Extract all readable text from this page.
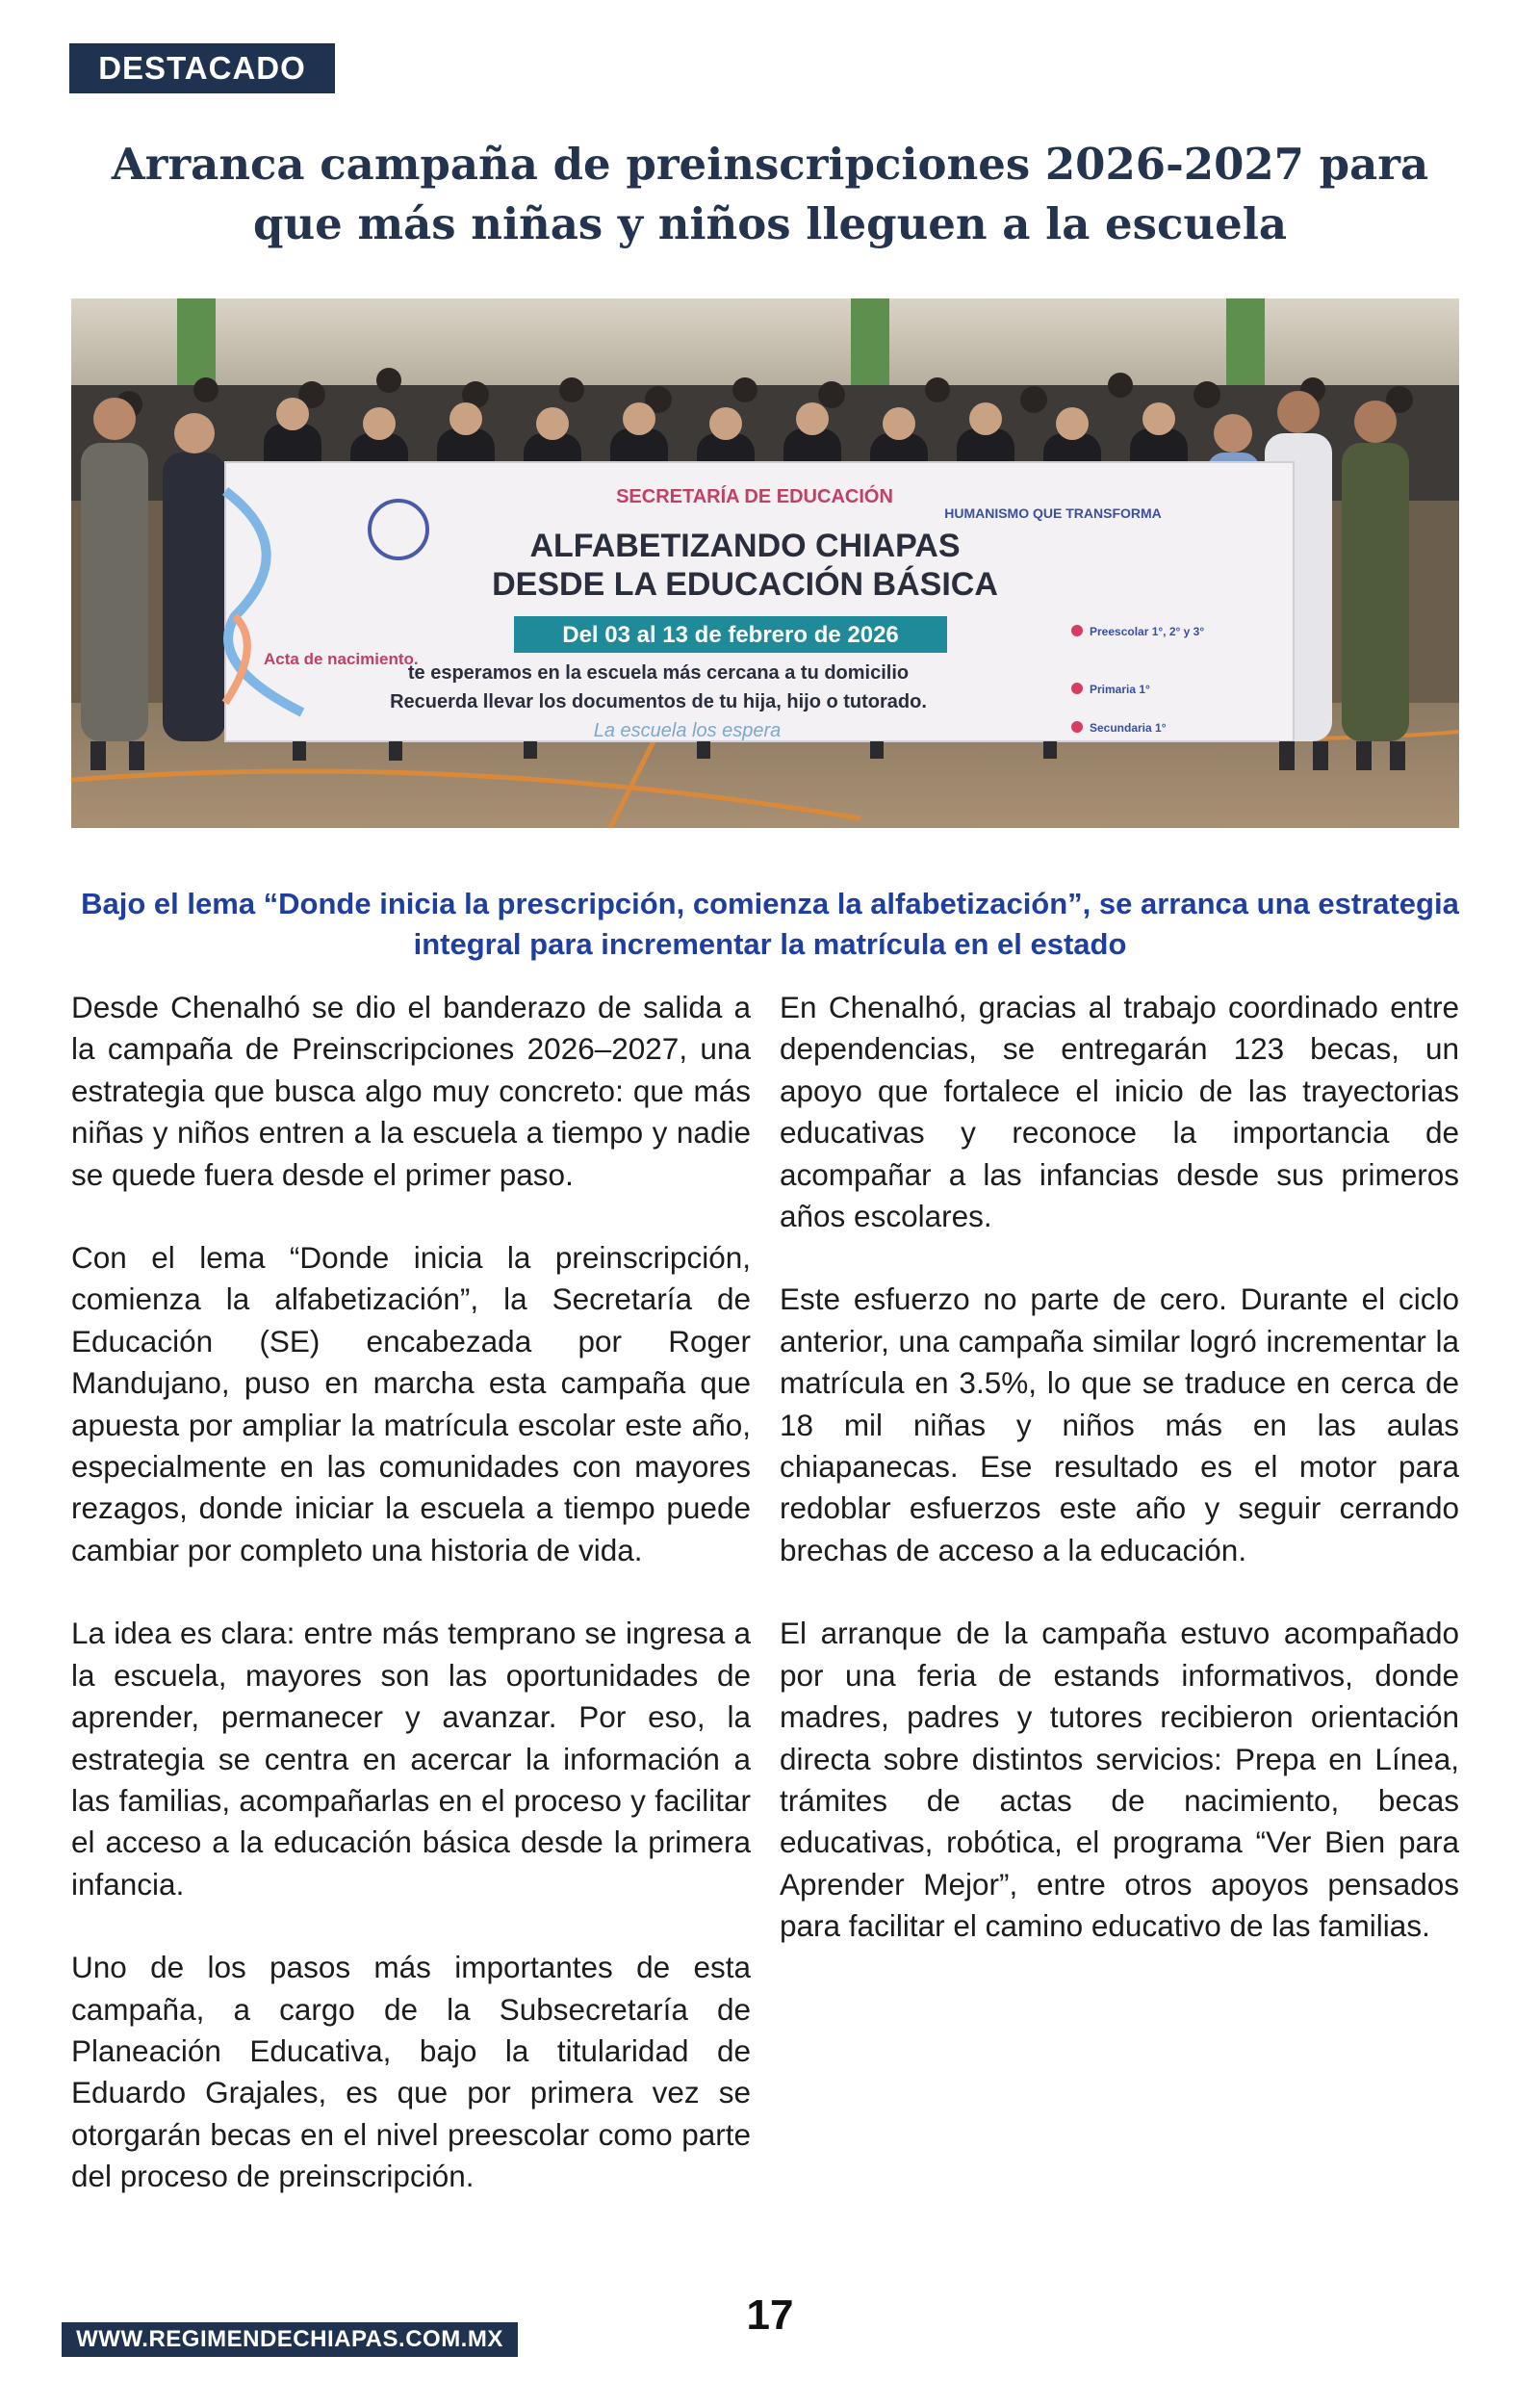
DESTACADO
Arranca campaña de preinscripciones 2026-2027 para que más niñas y niños lleguen a la escuela
SECRETARÍA DE EDUCACIÓN
HUMANISMO QUE TRANSFORMA
ALFABETIZANDO CHIAPAS
DESDE LA EDUCACIÓN BÁSICA
Del 03 al 13 de febrero de 2026
te esperamos en la escuela más cercana a tu domicilio
Recuerda llevar los documentos de tu hija, hijo o tutorado.
Acta de nacimiento.
Preescolar 1°, 2° y 3°
Primaria 1°
Secundaria 1°
La escuela los espera

Bajo el lema “Donde inicia la prescripción, comienza la alfabetización”, se arranca una estrategia integral para incrementar la matrícula en el estado

Desde Chenalhó se dio el banderazo de salida a la campaña de Preinscripciones 2026–2027, una estrategia que busca algo muy concreto: que más niñas y niños entren a la escuela a tiempo y nadie se quede fuera desde el primer paso.

Con el lema “Donde inicia la preinscripción, comienza la alfabetización”, la Secretaría de Educación (SE) encabezada por Roger Mandujano, puso en marcha esta campaña que apuesta por ampliar la matrícula escolar este año, especialmente en las comunidades con mayores rezagos, donde iniciar la escuela a tiempo puede cambiar por completo una historia de vida.

La idea es clara: entre más temprano se ingresa a la escuela, mayores son las oportunidades de aprender, permanecer y avanzar. Por eso, la estrategia se centra en acercar la información a las familias, acompañarlas en el proceso y facilitar el acceso a la educación básica desde la primera infancia.

Uno de los pasos más importantes de esta campaña, a cargo de la Subsecretaría de Planeación Educativa, bajo la titularidad de Eduardo Grajales, es que por primera vez se otorgarán becas en el nivel preescolar como parte del proceso de preinscripción.

En Chenalhó, gracias al trabajo coordinado entre dependencias, se entregarán 123 becas, un apoyo que fortalece el inicio de las trayectorias educativas y reconoce la importancia de acompañar a las infancias desde sus primeros años escolares.

Este esfuerzo no parte de cero. Durante el ciclo anterior, una campaña similar logró incrementar la matrícula en 3.5%, lo que se traduce en cerca de 18 mil niñas y niños más en las aulas chiapanecas. Ese resultado es el motor para redoblar esfuerzos este año y seguir cerrando brechas de acceso a la educación.

El arranque de la campaña estuvo acompañado por una feria de estands informativos, donde madres, padres y tutores recibieron orientación directa sobre distintos servicios: Prepa en Línea, trámites de actas de nacimiento, becas educativas, robótica, el programa “Ver Bien para Aprender Mejor”, entre otros apoyos pensados para facilitar el camino educativo de las familias.

WWW.REGIMENDECHIAPAS.COM.MX
17
